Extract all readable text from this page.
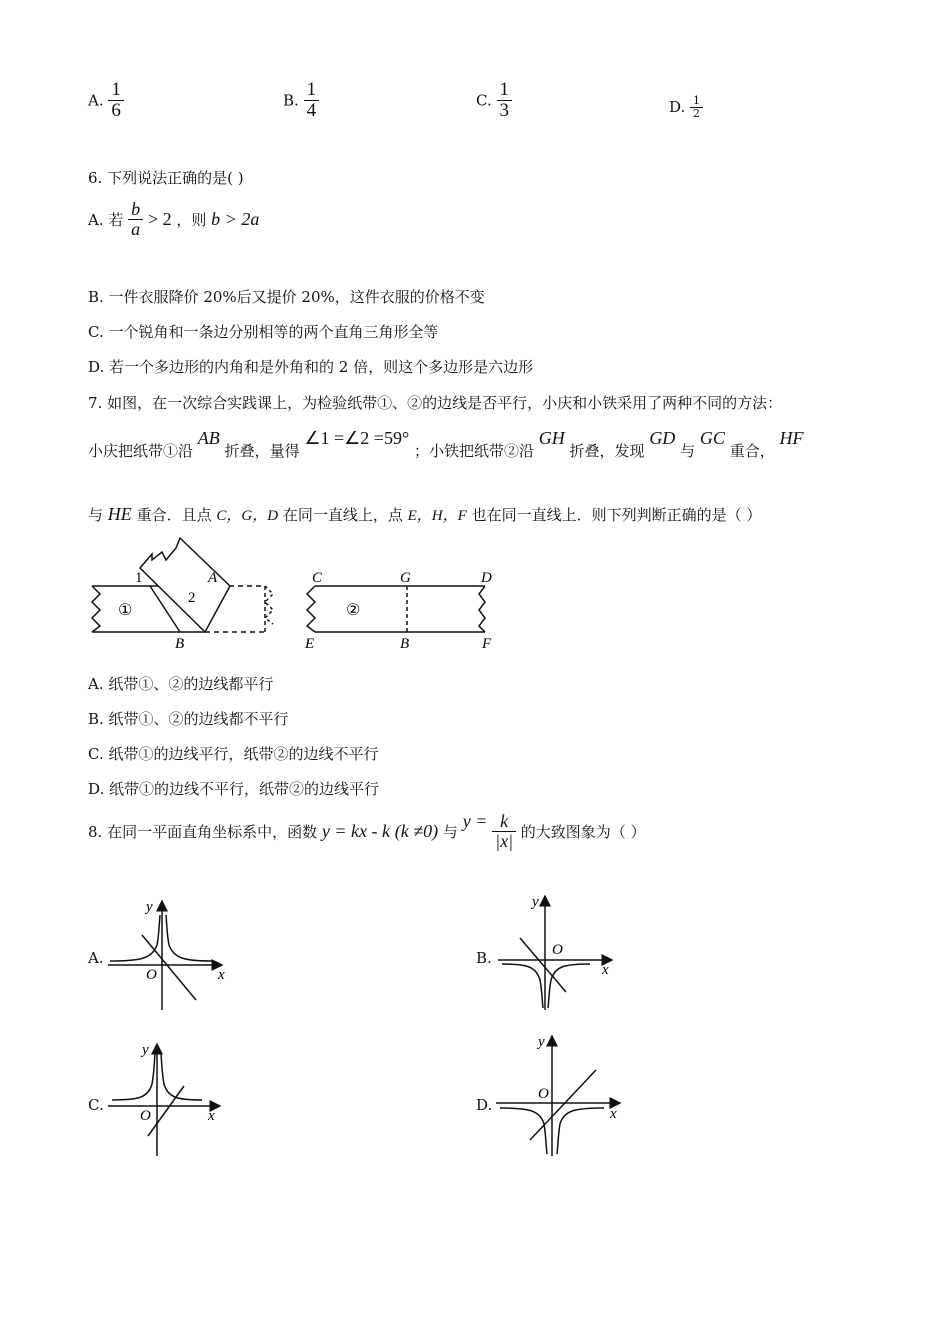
A. $\frac{1}{6}$	B. $\frac{1}{4}$	C. $\frac{1}{3}$	D. $\frac{1}{2}$
6. 下列说法正确的是( )
A. 若 $\frac{b}{a} > 2$ ，则 b > 2a
B. 一件衣服降价 20%后又提价 20%，这件衣服的价格不变
C. 一个锐角和一条边分别相等的两个直角三角形全等
D. 若一个多边形的内角和是外角和的 2 倍，则这个多边形是六边形
7. 如图，在一次综合实践课上，为检验纸带①、②的边线是否平行，小庆和小铁采用了两种不同的方法：
小庆把纸带①沿 AB 折叠，量得 ∠1 =∠2 =59° ；小铁把纸带②沿 GH 折叠，发现 GD 与 GC 重合， HF
与 HE 重合．且点 C，G，D 在同一直线上，点 E，H，F 也在同一直线上．则下列判断正确的是（ ）
1
2
A
B
①
C	G	D
E	B	F
②
A. 纸带①、②的边线都平行
B. 纸带①、②的边线都不平行
C. 纸带①的边线平行，纸带②的边线不平行
D. 纸带①的边线不平行，纸带②的边线平行
8. 在同一平面直角坐标系中，函数 y = kx - k (k ≠0) 与 $y = \frac{k}{|x|}$ 的大致图象为（ ）
A.
x
y
O
B.
x
y
O
C.
x
y
O
D.	x
y
O
